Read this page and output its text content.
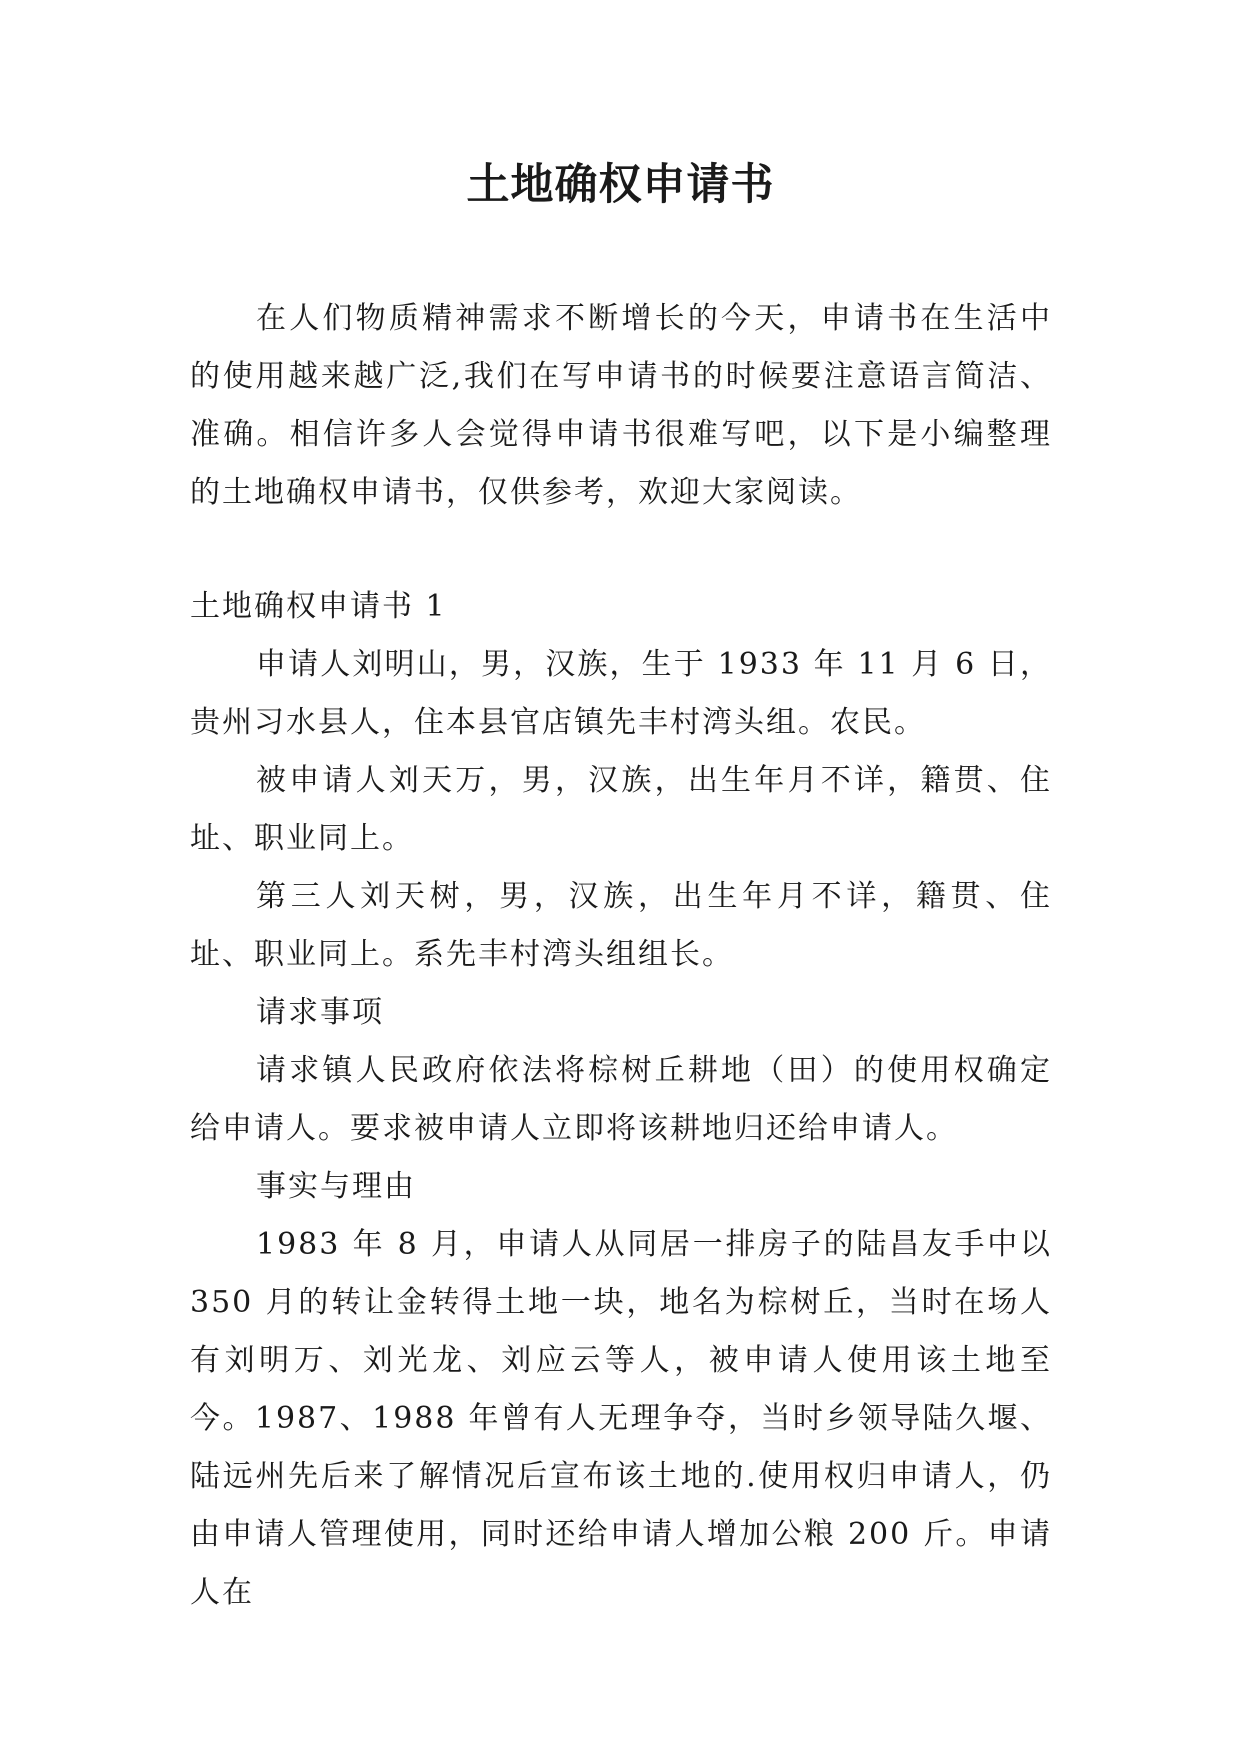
土地确权申请书

在人们物质精神需求不断增长的今天，申请书在生活中的使用越来越广泛,我们在写申请书的时候要注意语言简洁、准确。相信许多人会觉得申请书很难写吧，以下是小编整理的土地确权申请书，仅供参考，欢迎大家阅读。

土地确权申请书 1

申请人刘明山，男，汉族，生于 1933 年 11 月 6 日，贵州习水县人，住本县官店镇先丰村湾头组。农民。

被申请人刘天万，男，汉族，出生年月不详，籍贯、住址、职业同上。

第三人刘天树，男，汉族，出生年月不详，籍贯、住址、职业同上。系先丰村湾头组组长。

请求事项

请求镇人民政府依法将棕树丘耕地（田）的使用权确定给申请人。要求被申请人立即将该耕地归还给申请人。

事实与理由

1983 年 8 月，申请人从同居一排房子的陆昌友手中以 350 月的转让金转得土地一块，地名为棕树丘，当时在场人有刘明万、刘光龙、刘应云等人，被申请人使用该土地至今。1987、1988 年曾有人无理争夺，当时乡领导陆久堰、陆远州先后来了解情况后宣布该土地的.使用权归申请人，仍由申请人管理使用，同时还给申请人增加公粮 200 斤。申请人在
